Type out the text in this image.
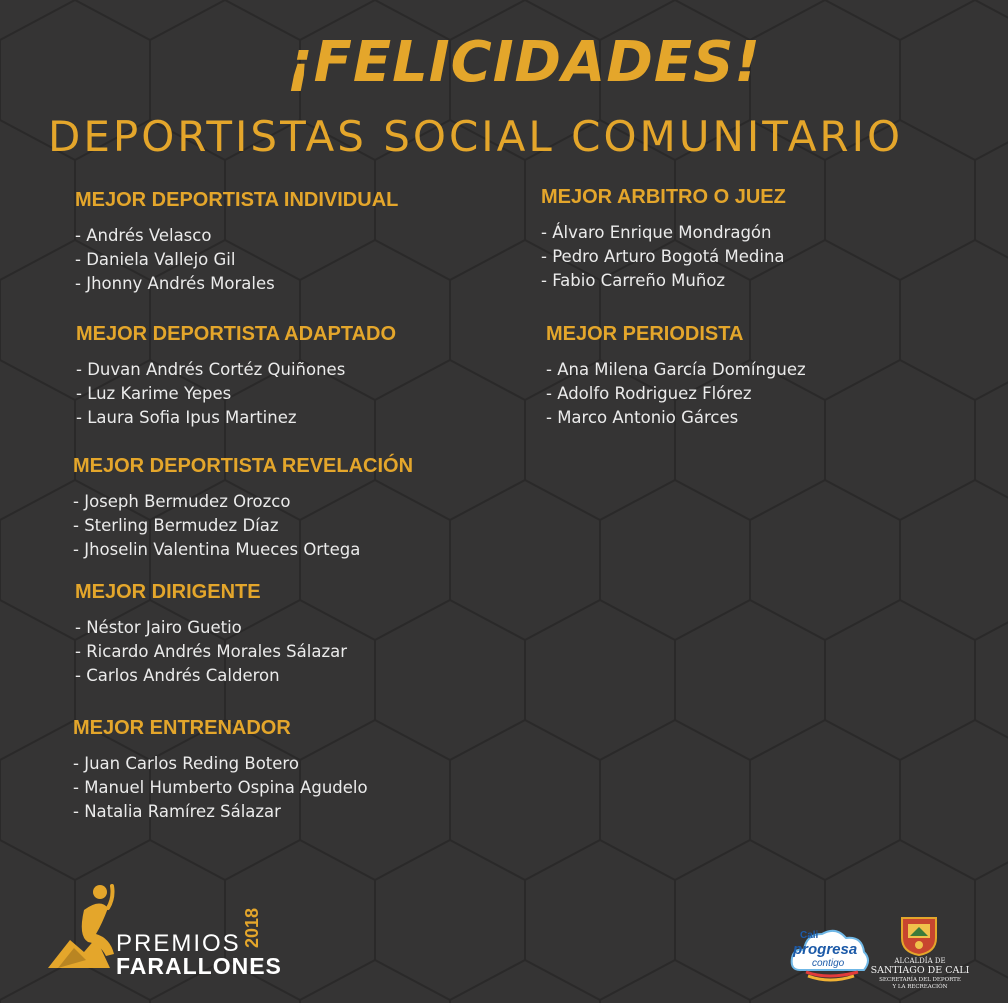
¡FELICIDADES!
DEPORTISTAS SOCIAL COMUNITARIO
MEJOR DEPORTISTA INDIVIDUAL
- Andrés Velasco
- Daniela Vallejo Gil
- Jhonny Andrés Morales
MEJOR DEPORTISTA ADAPTADO
- Duvan Andrés Cortéz Quiñones
- Luz Karime Yepes
- Laura Sofia Ipus Martinez
MEJOR DEPORTISTA REVELACIÓN
- Joseph Bermudez Orozco
- Sterling Bermudez Díaz
- Jhoselin Valentina Mueces Ortega
MEJOR DIRIGENTE
- Néstor Jairo Guetio
- Ricardo Andrés Morales Sálazar
- Carlos Andrés Calderon
MEJOR ENTRENADOR
- Juan Carlos Reding Botero
- Manuel Humberto Ospina Agudelo
- Natalia Ramírez Sálazar
MEJOR ARBITRO O JUEZ
- Álvaro Enrique Mondragón
- Pedro Arturo Bogotá Medina
- Fabio Carreño Muñoz
MEJOR PERIODISTA
- Ana Milena García Domínguez
- Adolfo Rodriguez Flórez
- Marco Antonio Gárces
PREMIOS
FARALLONES
2018	Cali
progresa
contigo	ALCALDÍA DE
SANTIAGO DE CALI
SECRETARÍA DEL DEPORTE
Y LA RECREACIÓN
